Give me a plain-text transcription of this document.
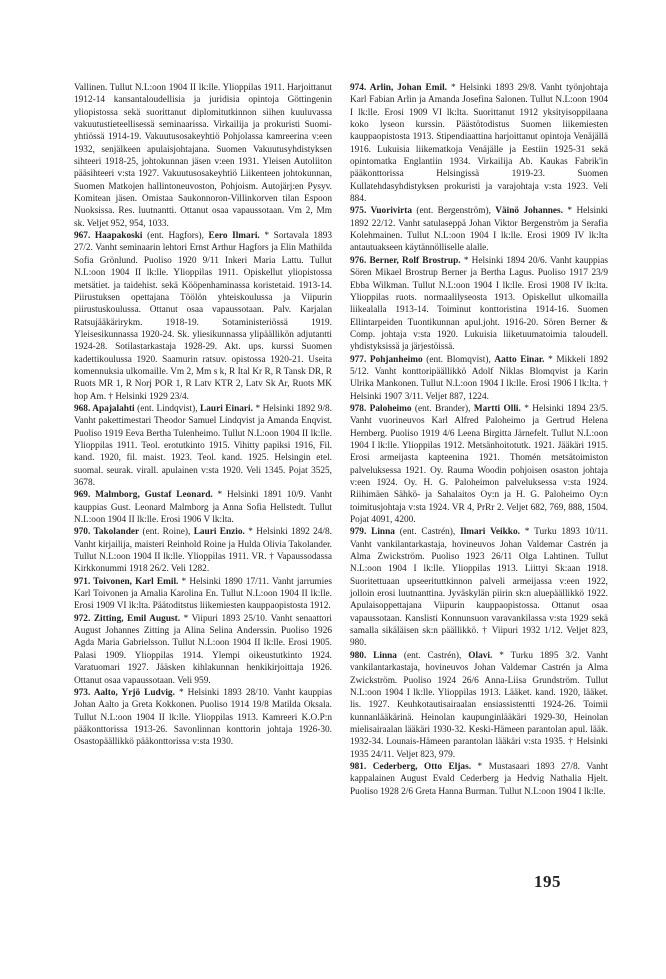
Vallinen. Tullut N.L:oon 1904 II lk:lle. Ylioppilas 1911. Harjoittanut 1912-14 kansantaloudellisia ja juridisia opintoja Göttingenin yliopistossa sekä suorittanut diplomitutkinnon siihen kuuluvassa vakuutustieteellisessä seminaarissa. Virkailija ja prokuristi Suomi-yhtiössä 1914-19. Vakuutusosakeyhtiö Pohjolassa kamreerina v:een 1932, senjälkeen apulaisjohtajana. Suomen Vakuutusyhdistyksen sihteeri 1918-25, johtokunnan jäsen v:een 1931. Yleisen Autoliiton pääsihteeri v:sta 1927. Vakuutusosakeyhtiö Liikenteen johtokunnan, Suomen Matkojen hallintoneuvoston, Pohjoism. Autojärj:en Pysyv. Komitean jäsen. Omistaa Saukonnoron-Villinkorven tilan Espoon Nuoksissa. Res. luutnantti. Ottanut osaa vapaussotaan. Vm 2, Mm sk. Veljet 952, 954, 1033.

967. Haapakoski (ent. Hagfors), Eero Ilmari. * Sortavala 1893 27/2. Vanht seminaarin lehtori Ernst Arthur Hagfors ja Elin Mathilda Sofia Grönlund. Puoliso 1920 9/11 Inkeri Maria Lattu. Tullut N.L:oon 1904 II lk:lle. Ylioppilas 1911. Opiskellut yliopistossa metsätiet. ja taidehist. sekä Kööpenhaminassa koristetaid. 1913-14. Piirustuksen opettajana Töölön yhteiskoulussa ja Viipurin piirustuskoulussa. Ottanut osaa vapaussotaan. Palv. Karjalan Ratsujääkärirykm. 1918-19. Sotaministeriössä 1919. Yleisesikunnassa 1920-24. Sk. yliesikunnassa ylipäällikön adjutantti 1924-28. Sotilastarkastaja 1928-29. Akt. ups. kurssi Suomen kadettikoulussa 1920. Saamurin ratsuv. opistossa 1920-21. Useita komennuksia ulkomaille. Vm 2, Mm s k, R Ital Kr R, R Tansk DR, R Ruots MR 1, R Norj POR 1, R Latv KTR 2, Latv Sk Ar, Ruots MK hop Am. † Helsinki 1929 23/4.

968. Apajalahti (ent. Lindqvist), Lauri Einari. * Helsinki 1892 9/8. Vanht pakettimestari Theodor Samuel Lindqvist ja Amanda Enqvist. Puoliso 1919 Eeva Bertha Tulenheimo. Tullut N.L:oon 1904 II lk:lle. Ylioppilas 1911. Teol. erotutkinto 1915. Vihitty papiksi 1916, Fil. kand. 1920, fil. maist. 1923. Teol. kand. 1925. Helsingin etel. suomal. seurak. virall. apulainen v:sta 1920. Veli 1345. Pojat 3525, 3678.

969. Malmborg, Gustaf Leonard. * Helsinki 1891 10/9. Vanht kauppias Gust. Leonard Malmborg ja Anna Sofia Hellstedt. Tullut N.L:oon 1904 II lk:lle. Erosi 1906 V lk:lta.

970. Takolander (ent. Roine), Lauri Enzio. * Helsinki 1892 24/8. Vanht kirjailija, maisteri Reinhold Roine ja Hulda Olivia Takolander. Tullut N.L:oon 1904 II lk:lle. Ylioppilas 1911. VR. † Vapaussodassa Kirkkonummi 1918 26/2. Veli 1282.

971. Toivonen, Karl Emil. * Helsinki 1890 17/11. Vanht jarrumies Karl Toivonen ja Amalia Karolina En. Tullut N.L:oon 1904 II lk:lle. Erosi 1909 VI lk:lta. Päätoditstus liikemiesten kauppaopistosta 1912.

972. Zitting, Emil August. * Viipuri 1893 25/10. Vanht senaattori August Johannes Zitting ja Alina Selina Anderssin. Puoliso 1926 Agda Maria Gabrielsson. Tullut N.L:oon 1904 II lk:lle. Erosi 1905. Palasi 1909. Ylioppilas 1914. Ylempi oikeustutkinto 1924. Varatuomari 1927. Jääsken kihlakunnan henkikirjoittaja 1926. Ottanut osaa vapaussotaan. Veli 959.

973. Aalto, Yrjö Ludvig. * Helsinki 1893 28/10. Vanht kauppias Johan Aalto ja Greta Kokkonen. Puoliso 1914 19/8 Matilda Oksala. Tullut N.L:oon 1904 II lk:lle. Ylioppilas 1913. Kamreeri K.O.P:n pääkonttorissa 1913-26. Savonlinnan konttorin johtaja 1926-30. Osastopäällikkö pääkonttorissa v:sta 1930.

974. Arlin, Johan Emil. * Helsinki 1893 29/8. Vanht työnjohtaja Karl Fabian Arlin ja Amanda Josefina Salonen. Tullut N.L:oon 1904 I lk:lle. Erosi 1909 VI lk:lta. Suorittanut 1912 yksityisoppilaana koko lyseon kurssin. Päästötodistus Suomen liikemiesten kauppaopistosta 1913. Stipendiaattina harjoittanut opintoja Venäjällä 1916. Lukuisia liikematkoja Venäjälle ja Eestiin 1925-31 sekä opintomatka Englantiin 1934. Virkailija Ab. Kaukas Fabrik'in pääkonttorissa Helsingissä 1919-23. Suomen Kullatehdasyhdistyksen prokuristi ja varajohtaja v:sta 1923. Veli 884.

975. Vuorivirta (ent. Bergenström), Väinö Johannes. * Helsinki 1892 22/12. Vanht satulaseppä Johan Viktor Bergenström ja Serafia Kolehmainen. Tullut N.L:oon 1904 I lk:lle. Erosi 1909 IV lk:lta antautuakseen käytännölliselle alalle.

976. Berner, Rolf Brostrup. * Helsinki 1894 20/6. Vanht kauppias Sören Mikael Brostrup Berner ja Bertha Lagus. Puoliso 1917 23/9 Ebba Wilkman. Tullut N.L:oon 1904 I lk:lle. Erosi 1908 IV lk:lta. Ylioppilas ruots. normaalilyseosta 1913. Opiskellut ulkomailla liikealalla 1913-14. Toiminut konttoristina 1914-16. Suomen Ellintarpeiden Tuontikunnan apul.joht. 1916-20. Sören Berner & Comp. johtaja v:sta 1920. Lukuisia liiketuumatoimia taloudell. yhdistyksissä ja järjestöissä.

977. Pohjanheimo (ent. Blomqvist), Aatto Einar. * Mikkeli 1892 5/12. Vanht konttoripäällikkö Adolf Niklas Blomqvist ja Karin Ulrika Mankonen. Tullut N.L:oon 1904 I lk:lle. Erosi 1906 I lk:lta. † Helsinki 1907 3/11. Veljet 887, 1224.

978. Paloheimo (ent. Brander), Martti Olli. * Helsinki 1894 23/5. Vanht vuorineuvos Karl Alfred Paloheimo ja Gertrud Helena Hernberg. Puoliso 1919 4/6 Leena Birgitta Järnefelt. Tullut N.L:oon 1904 I lk:lle. Ylioppilas 1912. Metsänhoitotutk. 1921. Jääkäri 1915. Erosi armeijasta kapteenina 1921. Thomén metsätoimiston palveluksessa 1921. Oy. Rauma Woodin pohjoisen osaston johtaja v:een 1924. Oy. H. G. Paloheimon palveluksessa v:sta 1924. Riihimäen Sähkö- ja Sahalaitos Oy:n ja H. G. Paloheimo Oy:n toimitusjohtaja v:sta 1924. VR 4, PrRr 2. Veljet 682, 769, 888, 1504. Pojat 4091, 4200.

979. Linna (ent. Castrén), Ilmari Veikko. * Turku 1893 10/11. Vanht vankilantarkastaja, hovineuvos Johan Valdemar Castrén ja Alma Zwickström. Puoliso 1923 26/11 Olga Lahtinen. Tullut N.L:oon 1904 I lk:lle. Ylioppilas 1913. Liittyi Sk:aan 1918. Suoritettuaan upseerituttkinnon palveli armeijassa v:een 1922, jolloin erosi luutnanttina. Jyväskylän piirin sk:n aluepäällikkö 1922. Apulaisoppettajana Viipurin kauppaopistossa. Ottanut osaa vapaussotaan. Kanslisti Konnunsuon varavankilassa v:sta 1929 sekä samalla sikäläisen sk:n päällikkö. † Viipuri 1932 1/12. Veljet 823, 980.

980. Linna (ent. Castrén), Olavi. * Turku 1895 3/2. Vanht vankilantarkastaja, hovineuvos Johan Valdemar Castrén ja Alma Zwickström. Puoliso 1924 26/6 Anna-Liisa Grundström. Tullut N.L:oon 1904 I lk:lle. Ylioppilas 1913. Lääket. kand. 1920, lääket. lis. 1927. Keuhkotautisairaalan ensiassistentti 1924-26. Toimii kunnanlääkärinä. Heinolan kaupunginlääkäri 1929-30, Heinolan mielisairaalan lääkäri 1930-32. Keski-Hämeen parantolan apul. lääk. 1932-34. Lounais-Hämeen parantolan lääkäri v:sta 1935. † Helsinki 1935 24/11. Veljet 823, 979.

981. Cederberg, Otto Eljas. * Mustasaari 1893 27/8. Vanht kappalainen August Evald Cederberg ja Hedvig Nathalia Hjelt. Puoliso 1928 2/6 Greta Hanna Burman. Tullut N.L:oon 1904 I lk:lle.

195
